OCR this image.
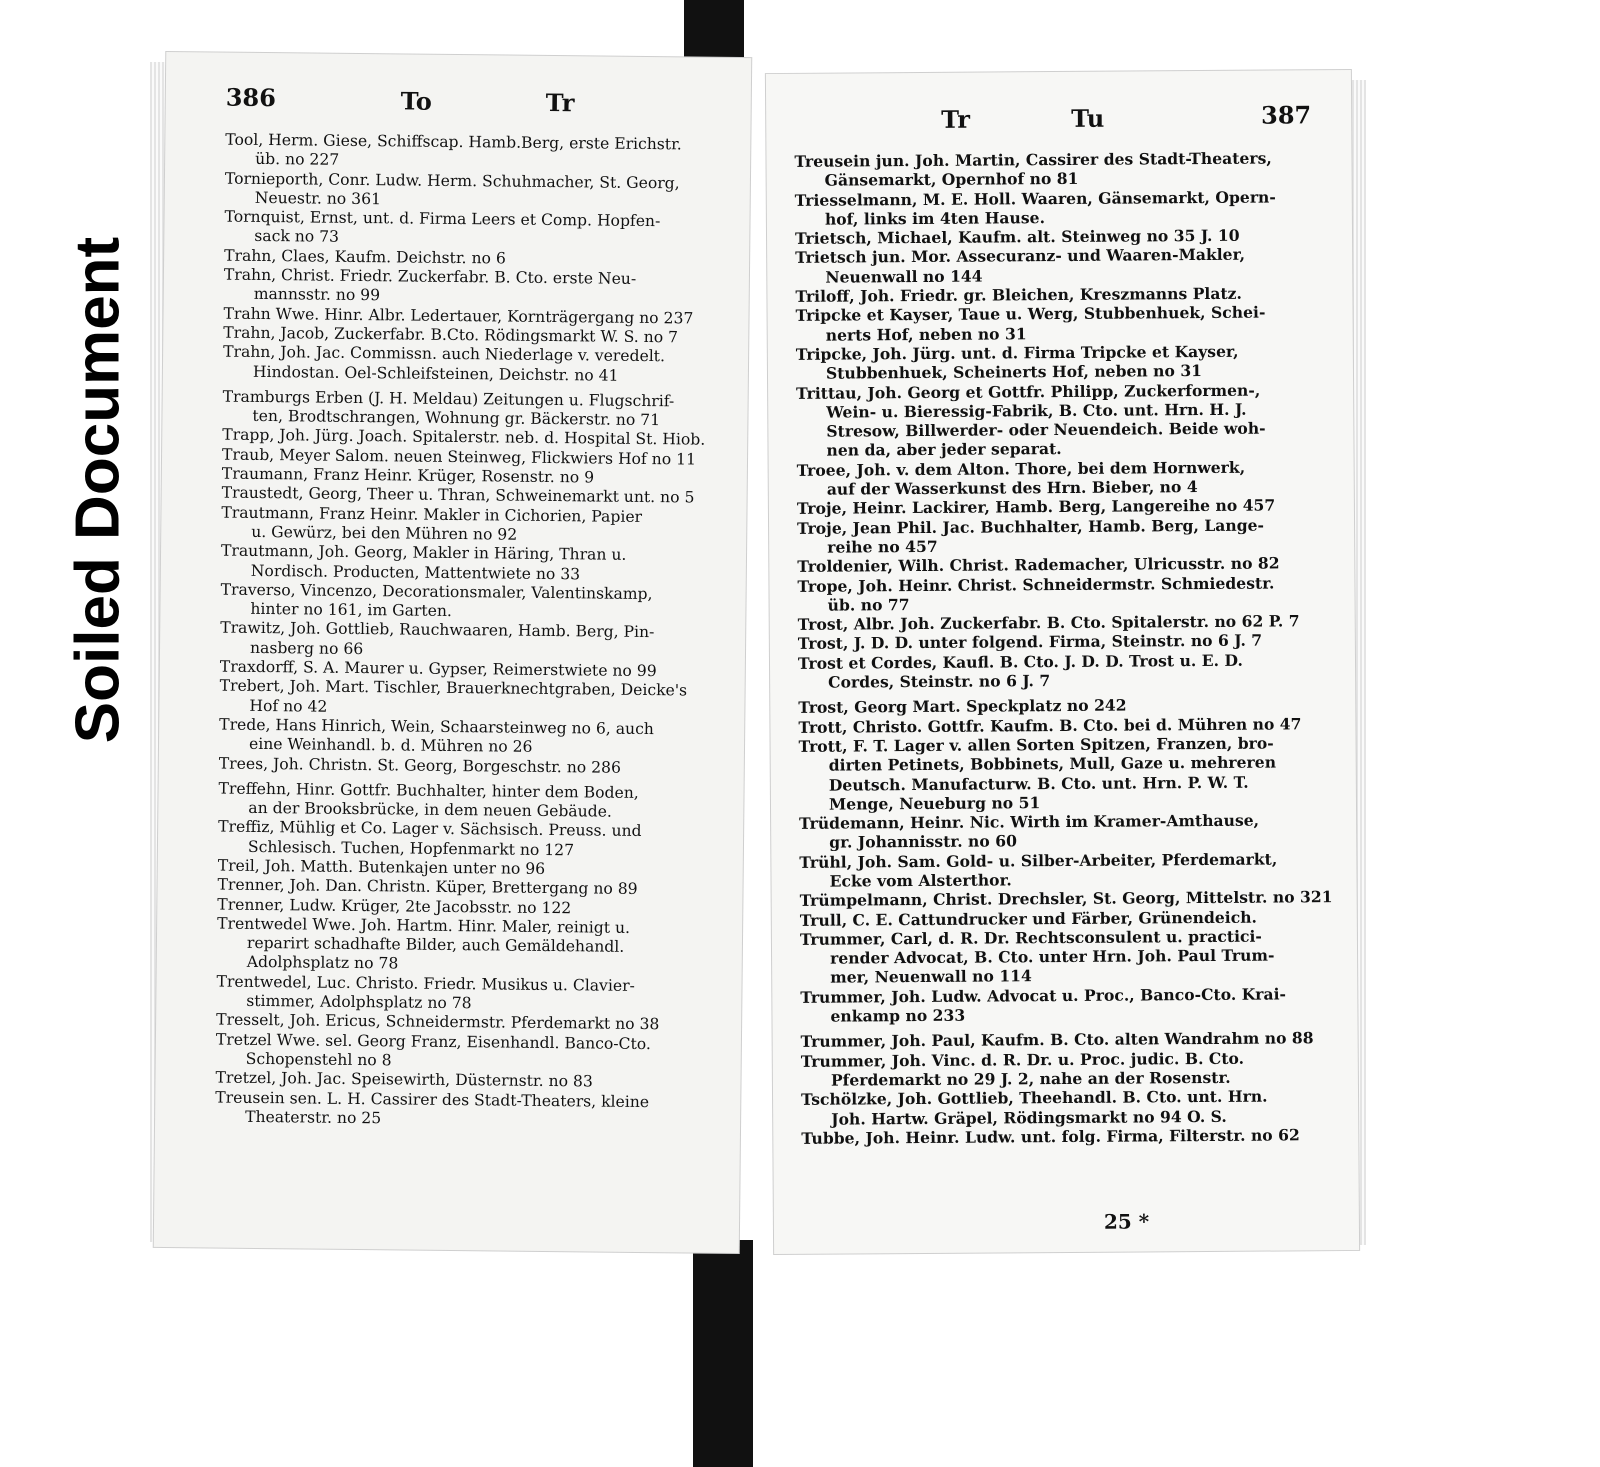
Soiled Document
386	To	Tr
Tool, Herm. Giese, Schiffscap. Hamb.Berg, erste Erichstr.
üb. no 227
Tornieporth, Conr. Ludw. Herm. Schuhmacher, St. Georg,
Neuestr. no 361
Tornquist, Ernst, unt. d. Firma Leers et Comp. Hopfen-
sack no 73
Trahn, Claes, Kaufm. Deichstr. no 6
Trahn, Christ. Friedr. Zuckerfabr. B. Cto. erste Neu-
mannsstr. no 99
Trahn Wwe. Hinr. Albr. Ledertauer, Kornträgergang no 237
Trahn, Jacob, Zuckerfabr. B.Cto. Rödingsmarkt W. S. no 7
Trahn, Joh. Jac. Commissn. auch Niederlage v. veredelt.
Hindostan. Oel-Schleifsteinen, Deichstr. no 41
Tramburgs Erben (J. H. Meldau) Zeitungen u. Flugschrif-
ten, Brodtschrangen, Wohnung gr. Bäckerstr. no 71
Trapp, Joh. Jürg. Joach. Spitalerstr. neb. d. Hospital St. Hiob.
Traub, Meyer Salom. neuen Steinweg, Flickwiers Hof no 11
Traumann, Franz Heinr. Krüger, Rosenstr. no 9
Traustedt, Georg, Theer u. Thran, Schweinemarkt unt. no 5
Trautmann, Franz Heinr. Makler in Cichorien, Papier
u. Gewürz, bei den Mühren no 92
Trautmann, Joh. Georg, Makler in Häring, Thran u.
Nordisch. Producten, Mattentwiete no 33
Traverso, Vincenzo, Decorationsmaler, Valentinskamp,
hinter no 161, im Garten.
Trawitz, Joh. Gottlieb, Rauchwaaren, Hamb. Berg, Pin-
nasberg no 66
Traxdorff, S. A. Maurer u. Gypser, Reimerstwiete no 99
Trebert, Joh. Mart. Tischler, Brauerknechtgraben, Deicke's
Hof no 42
Trede, Hans Hinrich, Wein, Schaarsteinweg no 6, auch
eine Weinhandl. b. d. Mühren no 26
Trees, Joh. Christn. St. Georg, Borgeschstr. no 286
Treffehn, Hinr. Gottfr. Buchhalter, hinter dem Boden,
an der Brooksbrücke, in dem neuen Gebäude.
Treffiz, Mühlig et Co. Lager v. Sächsisch. Preuss. und
Schlesisch. Tuchen, Hopfenmarkt no 127
Treil, Joh. Matth. Butenkajen unter no 96
Trenner, Joh. Dan. Christn. Küper, Brettergang no 89
Trenner, Ludw. Krüger, 2te Jacobsstr. no 122
Trentwedel Wwe. Joh. Hartm. Hinr. Maler, reinigt u.
reparirt schadhafte Bilder, auch Gemäldehandl.
Adolphsplatz no 78
Trentwedel, Luc. Christo. Friedr. Musikus u. Clavier-
stimmer, Adolphsplatz no 78
Tresselt, Joh. Ericus, Schneidermstr. Pferdemarkt no 38
Tretzel Wwe. sel. Georg Franz, Eisenhandl. Banco-Cto.
Schopenstehl no 8
Tretzel, Joh. Jac. Speisewirth, Düsternstr. no 83
Treusein sen. L. H. Cassirer des Stadt-Theaters, kleine
Theaterstr. no 25
Tr	Tu	387
Treusein jun. Joh. Martin, Cassirer des Stadt-Theaters,
Gänsemarkt, Opernhof no 81
Triesselmann, M. E. Holl. Waaren, Gänsemarkt, Opern-
hof, links im 4ten Hause.
Trietsch, Michael, Kaufm. alt. Steinweg no 35 J. 10
Trietsch jun. Mor. Assecuranz- und Waaren-Makler,
Neuenwall no 144
Triloff, Joh. Friedr. gr. Bleichen, Kreszmanns Platz.
Tripcke et Kayser, Taue u. Werg, Stubbenhuek, Schei-
nerts Hof, neben no 31
Tripcke, Joh. Jürg. unt. d. Firma Tripcke et Kayser,
Stubbenhuek, Scheinerts Hof, neben no 31
Trittau, Joh. Georg et Gottfr. Philipp, Zuckerformen-,
Wein- u. Bieressig-Fabrik, B. Cto. unt. Hrn. H. J.
Stresow, Billwerder- oder Neuendeich. Beide woh-
nen da, aber jeder separat.
Troee, Joh. v. dem Alton. Thore, bei dem Hornwerk,
auf der Wasserkunst des Hrn. Bieber, no 4
Troje, Heinr. Lackirer, Hamb. Berg, Langereihe no 457
Troje, Jean Phil. Jac. Buchhalter, Hamb. Berg, Lange-
reihe no 457
Troldenier, Wilh. Christ. Rademacher, Ulricusstr. no 82
Trope, Joh. Heinr. Christ. Schneidermstr. Schmiedestr.
üb. no 77
Trost, Albr. Joh. Zuckerfabr. B. Cto. Spitalerstr. no 62 P. 7
Trost, J. D. D. unter folgend. Firma, Steinstr. no 6 J. 7
Trost et Cordes, Kaufl. B. Cto. J. D. D. Trost u. E. D.
Cordes, Steinstr. no 6 J. 7
Trost, Georg Mart. Speckplatz no 242
Trott, Christo. Gottfr. Kaufm. B. Cto. bei d. Mühren no 47
Trott, F. T. Lager v. allen Sorten Spitzen, Franzen, bro-
dirten Petinets, Bobbinets, Mull, Gaze u. mehreren
Deutsch. Manufacturw. B. Cto. unt. Hrn. P. W. T.
Menge, Neueburg no 51
Trüdemann, Heinr. Nic. Wirth im Kramer-Amthause,
gr. Johannisstr. no 60
Trühl, Joh. Sam. Gold- u. Silber-Arbeiter, Pferdemarkt,
Ecke vom Alsterthor.
Trümpelmann, Christ. Drechsler, St. Georg, Mittelstr. no 321
Trull, C. E. Cattundrucker und Färber, Grünendeich.
Trummer, Carl, d. R. Dr. Rechtsconsulent u. practici-
render Advocat, B. Cto. unter Hrn. Joh. Paul Trum-
mer, Neuenwall no 114
Trummer, Joh. Ludw. Advocat u. Proc., Banco-Cto. Krai-
enkamp no 233
Trummer, Joh. Paul, Kaufm. B. Cto. alten Wandrahm no 88
Trummer, Joh. Vinc. d. R. Dr. u. Proc. judic. B. Cto.
Pferdemarkt no 29 J. 2, nahe an der Rosenstr.
Tschölzke, Joh. Gottlieb, Theehandl. B. Cto. unt. Hrn.
Joh. Hartw. Gräpel, Rödingsmarkt no 94 O. S.
Tubbe, Joh. Heinr. Ludw. unt. folg. Firma, Filterstr. no 62
25 *
